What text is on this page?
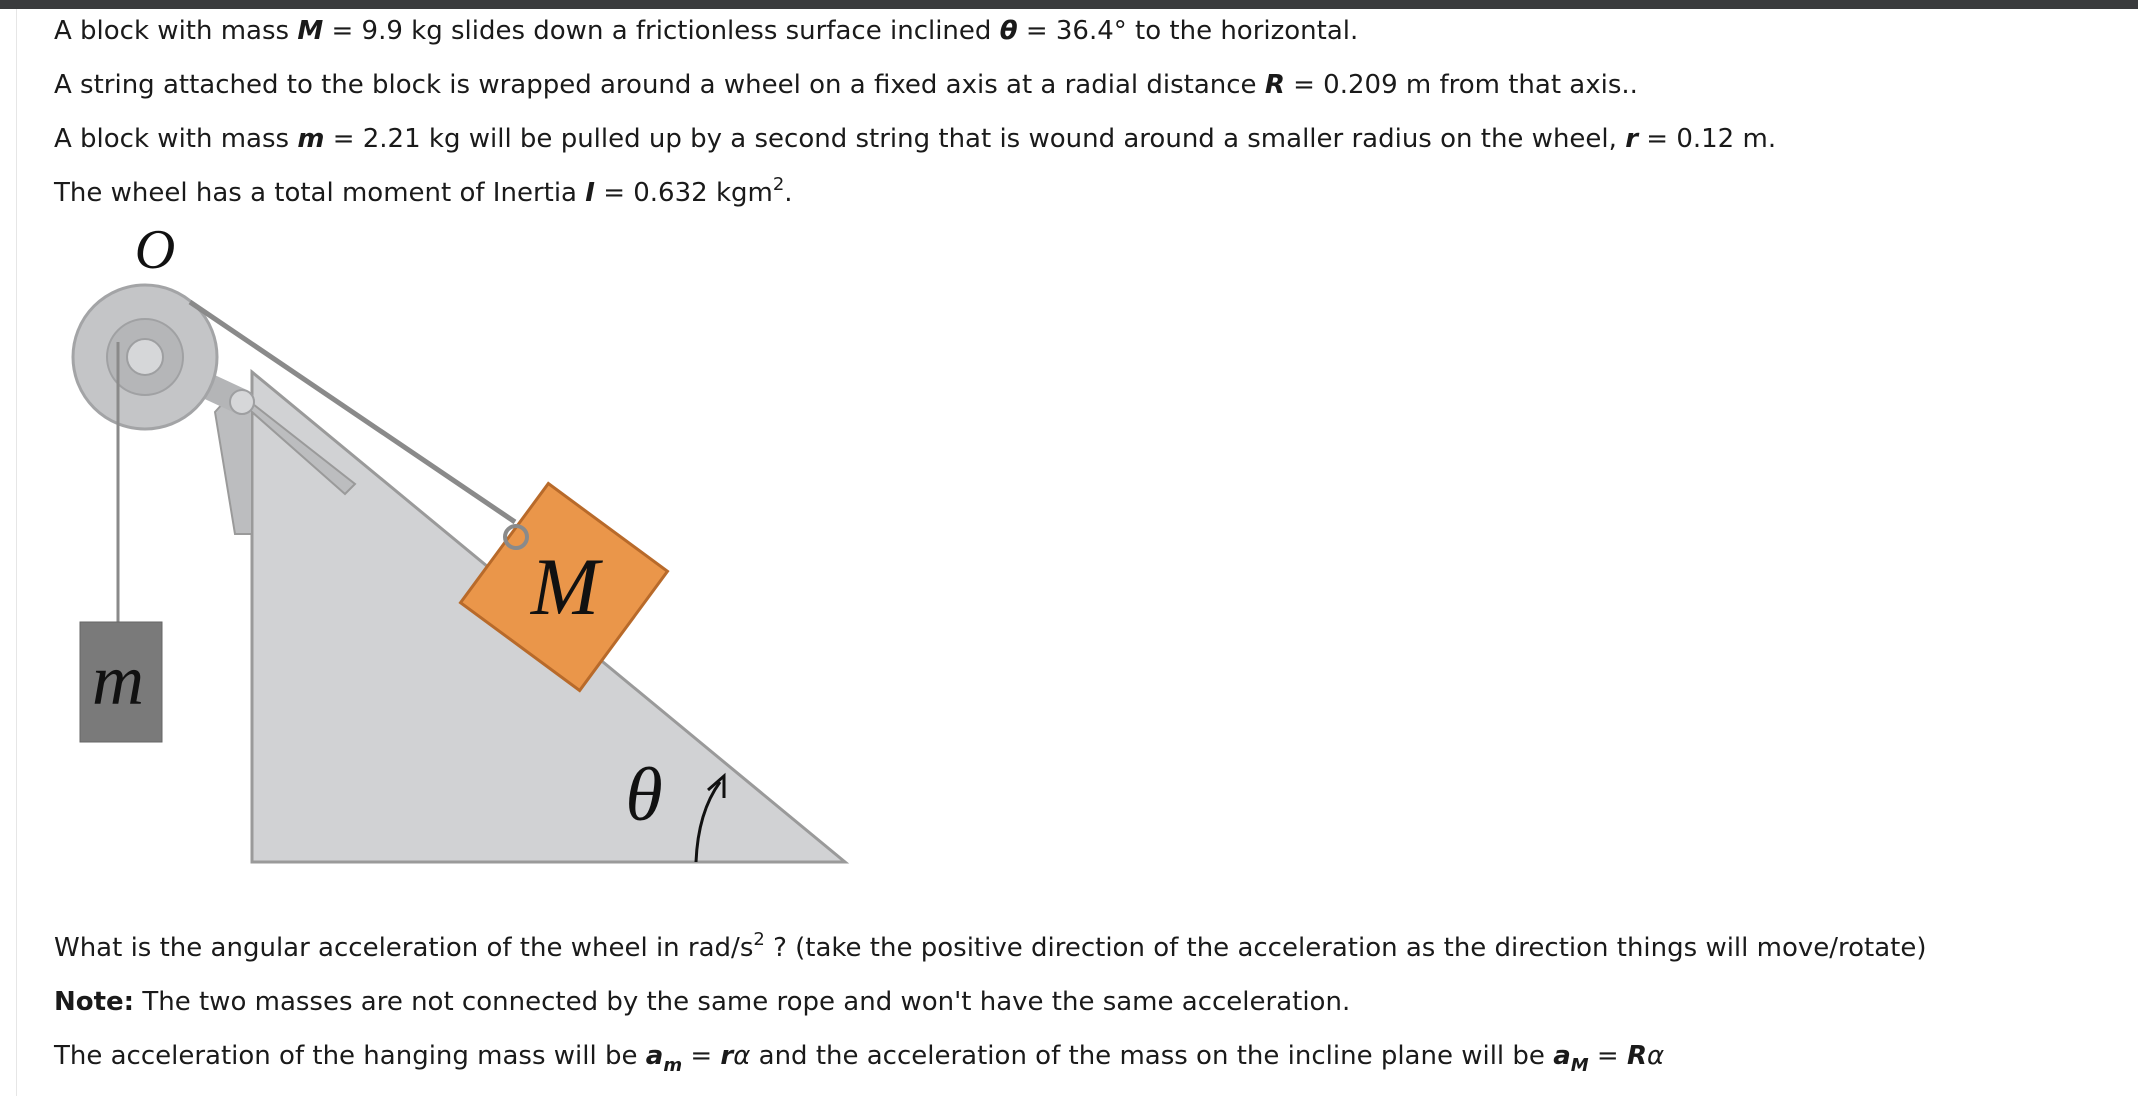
A block with mass M = 9.9 kg slides down a frictionless surface inclined θ = 36.4° to the horizontal.
A string attached to the block is wrapped around a wheel on a fixed axis at a radial distance R = 0.209 m from that axis..
A block with mass m = 2.21 kg will be pulled up by a second string that is wound around a smaller radius on the wheel, r = 0.12 m.
The wheel has a total moment of Inertia I = 0.632 kgm$^2$.
O
m
M
θ
What is the angular acceleration of the wheel in rad/$s^2$ ? (take the positive direction of the acceleration as the direction things will move/rotate)
Note: The two masses are not connected by the same rope and won't have the same acceleration.
The acceleration of the hanging mass will be $a_m = r\alpha$ and the acceleration of the mass on the incline plane will be $a_M = R\alpha$
